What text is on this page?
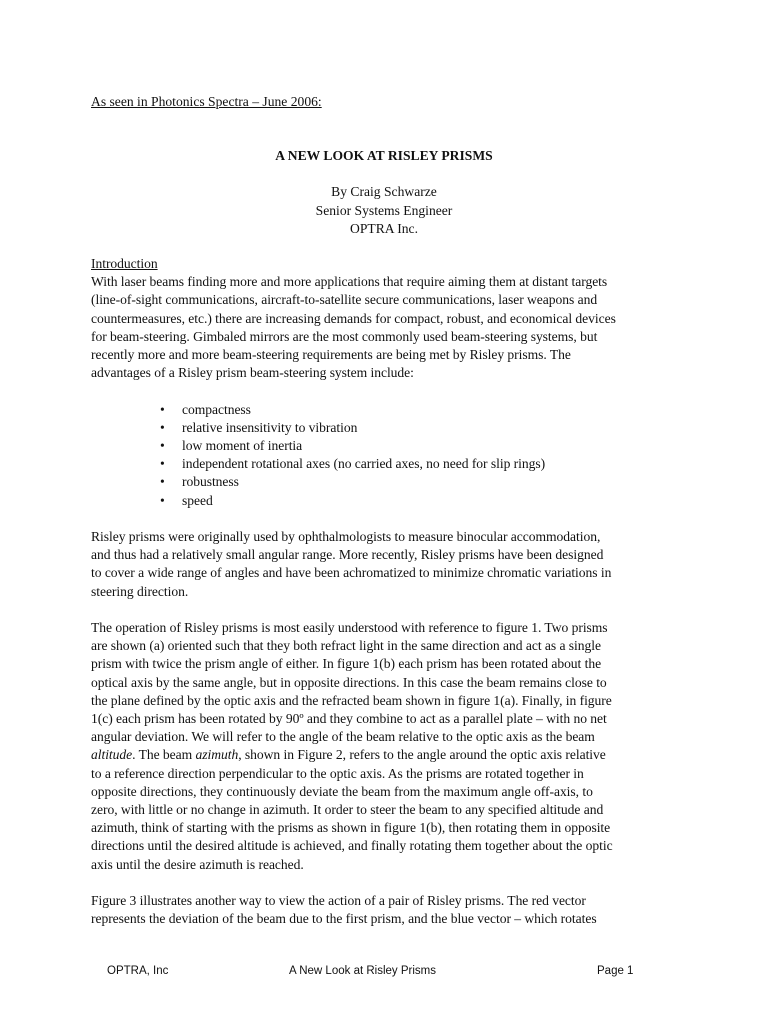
As seen in Photonics Spectra – June 2006:
A NEW LOOK AT RISLEY PRISMS
By Craig Schwarze
Senior Systems Engineer
OPTRA Inc.
Introduction
With laser beams finding more and more applications that require aiming them at distant targets
(line-of-sight communications, aircraft-to-satellite secure communications, laser weapons and
countermeasures, etc.) there are increasing demands for compact, robust, and economical devices
for beam-steering. Gimbaled mirrors are the most commonly used beam-steering systems, but
recently more and more beam-steering requirements are being met by Risley prisms. The
advantages of a Risley prism beam-steering system include:
• compactness
• relative insensitivity to vibration
• low moment of inertia
• independent rotational axes (no carried axes, no need for slip rings)
• robustness
• speed
Risley prisms were originally used by ophthalmologists to measure binocular accommodation,
and thus had a relatively small angular range. More recently, Risley prisms have been designed
to cover a wide range of angles and have been achromatized to minimize chromatic variations in
steering direction.
The operation of Risley prisms is most easily understood with reference to figure 1. Two prisms
are shown (a) oriented such that they both refract light in the same direction and act as a single
prism with twice the prism angle of either. In figure 1(b) each prism has been rotated about the
optical axis by the same angle, but in opposite directions. In this case the beam remains close to
the plane defined by the optic axis and the refracted beam shown in figure 1(a). Finally, in figure
1(c) each prism has been rotated by 90º and they combine to act as a parallel plate – with no net
angular deviation. We will refer to the angle of the beam relative to the optic axis as the beam
altitude. The beam azimuth, shown in Figure 2, refers to the angle around the optic axis relative
to a reference direction perpendicular to the optic axis. As the prisms are rotated together in
opposite directions, they continuously deviate the beam from the maximum angle off-axis, to
zero, with little or no change in azimuth. It order to steer the beam to any specified altitude and
azimuth, think of starting with the prisms as shown in figure 1(b), then rotating them in opposite
directions until the desired altitude is achieved, and finally rotating them together about the optic
axis until the desire azimuth is reached.
Figure 3 illustrates another way to view the action of a pair of Risley prisms. The red vector
represents the deviation of the beam due to the first prism, and the blue vector – which rotates
OPTRA, Inc	A New Look at Risley Prisms	Page 1
